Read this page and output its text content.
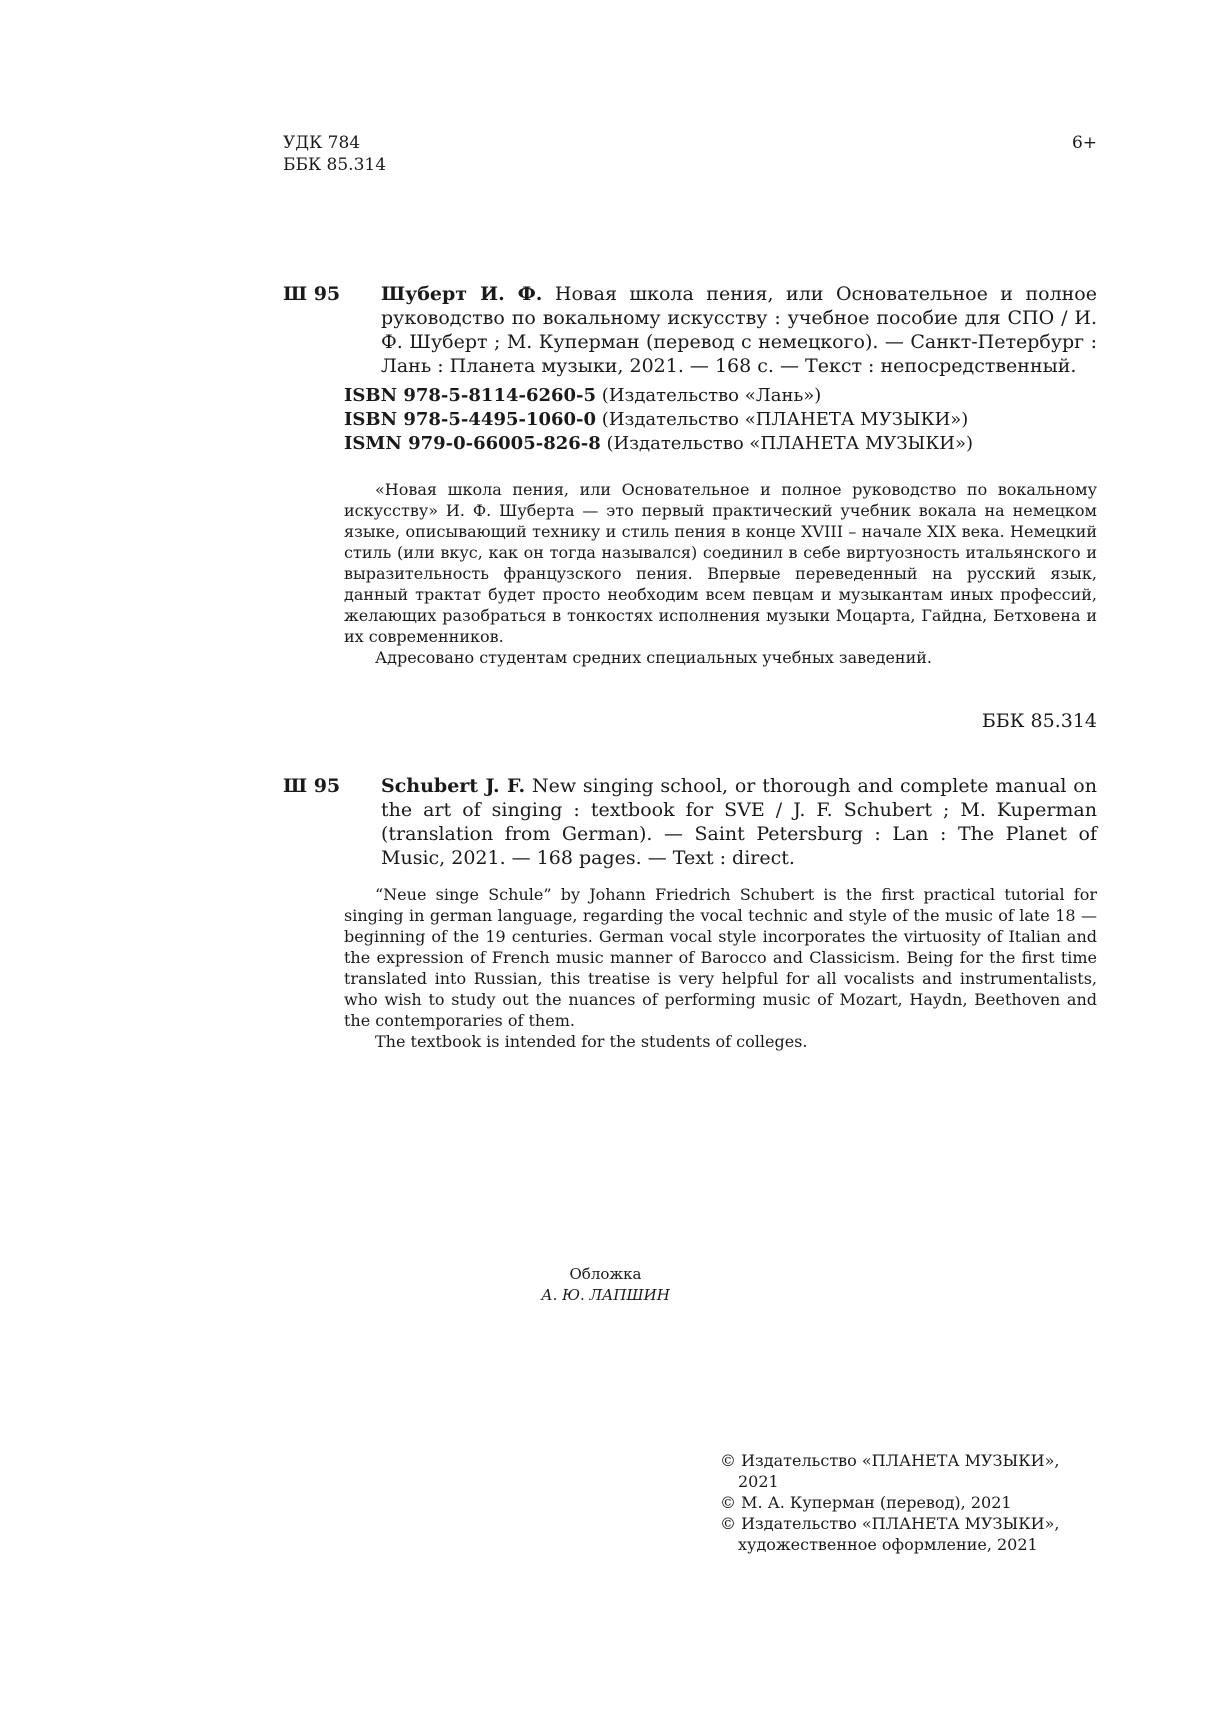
УДК 784
ББК 85.314
6+
Ш 95 Шуберт И. Ф. Новая школа пения, или Основательное и полное руководство по вокальному искусству : учебное пособие для СПО / И. Ф. Шуберт ; М. Куперман (перевод с немецкого). — Санкт-Петербург : Лань : Планета музыки, 2021. — 168 с. — Текст : непосредственный.

ISBN 978-5-8114-6260-5 (Издательство «Лань»)
ISBN 978-5-4495-1060-0 (Издательство «ПЛАНЕТА МУЗЫКИ»)
ISMN 979-0-66005-826-8 (Издательство «ПЛАНЕТА МУЗЫКИ»)

«Новая школа пения, или Основательное и полное руководство по вокальному искусству» И. Ф. Шуберта — это первый практический учебник вокала на немецком языке, описывающий технику и стиль пения в конце XVIII – начале XIX века. Немецкий стиль (или вкус, как он тогда назывался) соединил в себе виртуозность итальянского и выразительность французского пения. Впервые переведенный на русский язык, данный трактат будет просто необходим всем певцам и музыкантам иных профессий, желающих разобраться в тонкостях исполнения музыки Моцарта, Гайдна, Бетховена и их современников.

Адресовано студентам средних специальных учебных заведений.

ББК 85.314
Ш 95 Schubert J. F. New singing school, or thorough and complete manual on the art of singing : textbook for SVE / J. F. Schubert ; M. Kuperman (translation from German). — Saint Petersburg : Lan : The Planet of Music, 2021. — 168 pages. — Text : direct.

“Neue singe Schule” by Johann Friedrich Schubert is the first practical tutorial for singing in german language, regarding the vocal technic and style of the music of late 18 — beginning of the 19 centuries. German vocal style incorporates the virtuosity of Italian and the expression of French music manner of Barocco and Classicism. Being for the first time translated into Russian, this treatise is very helpful for all vocalists and instrumentalists, who wish to study out the nuances of performing music of Mozart, Haydn, Beethoven and the contemporaries of them.

The textbook is intended for the students of colleges.

Обложка
А. Ю. ЛАПШИН
© Издательство «ПЛАНЕТА МУЗЫКИ», 2021
© М. А. Куперман (перевод), 2021
© Издательство «ПЛАНЕТА МУЗЫКИ», художественное оформление, 2021
